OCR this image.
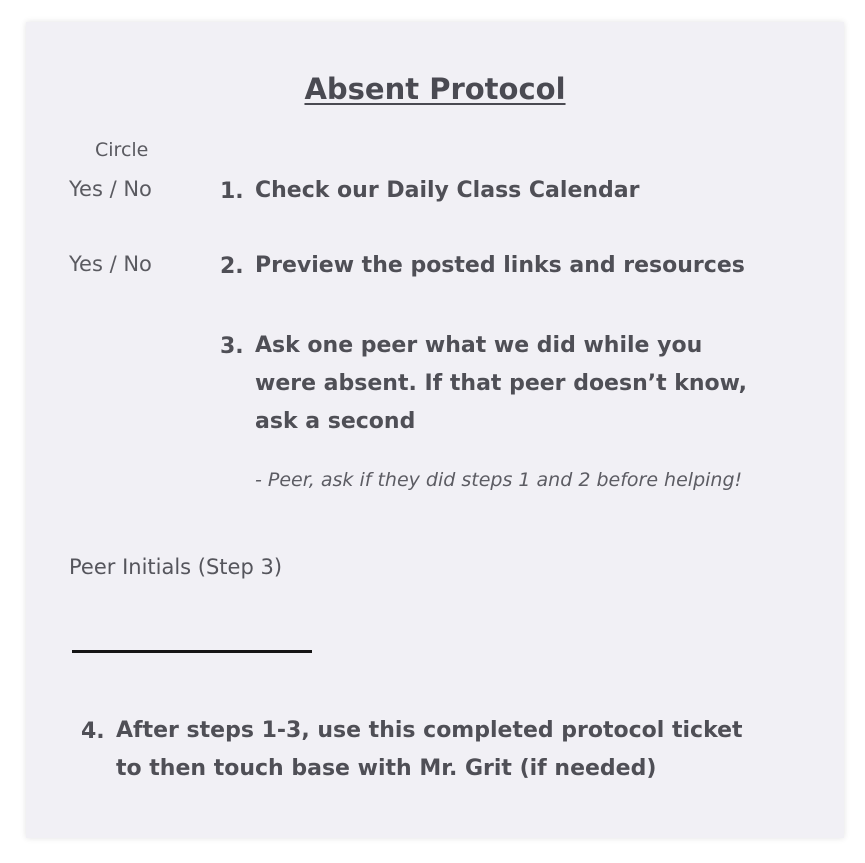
Absent Protocol
Circle
Yes / No	1. Check our Daily Class Calendar
Yes / No	2. Preview the posted links and resources
3. Ask one peer what we did while you
were absent. If that peer doesn’t know,
ask a second
- Peer, ask if they did steps 1 and 2 before helping!
Peer Initials (Step 3)
4. After steps 1-3, use this completed protocol ticket
to then touch base with Mr. Grit (if needed)
